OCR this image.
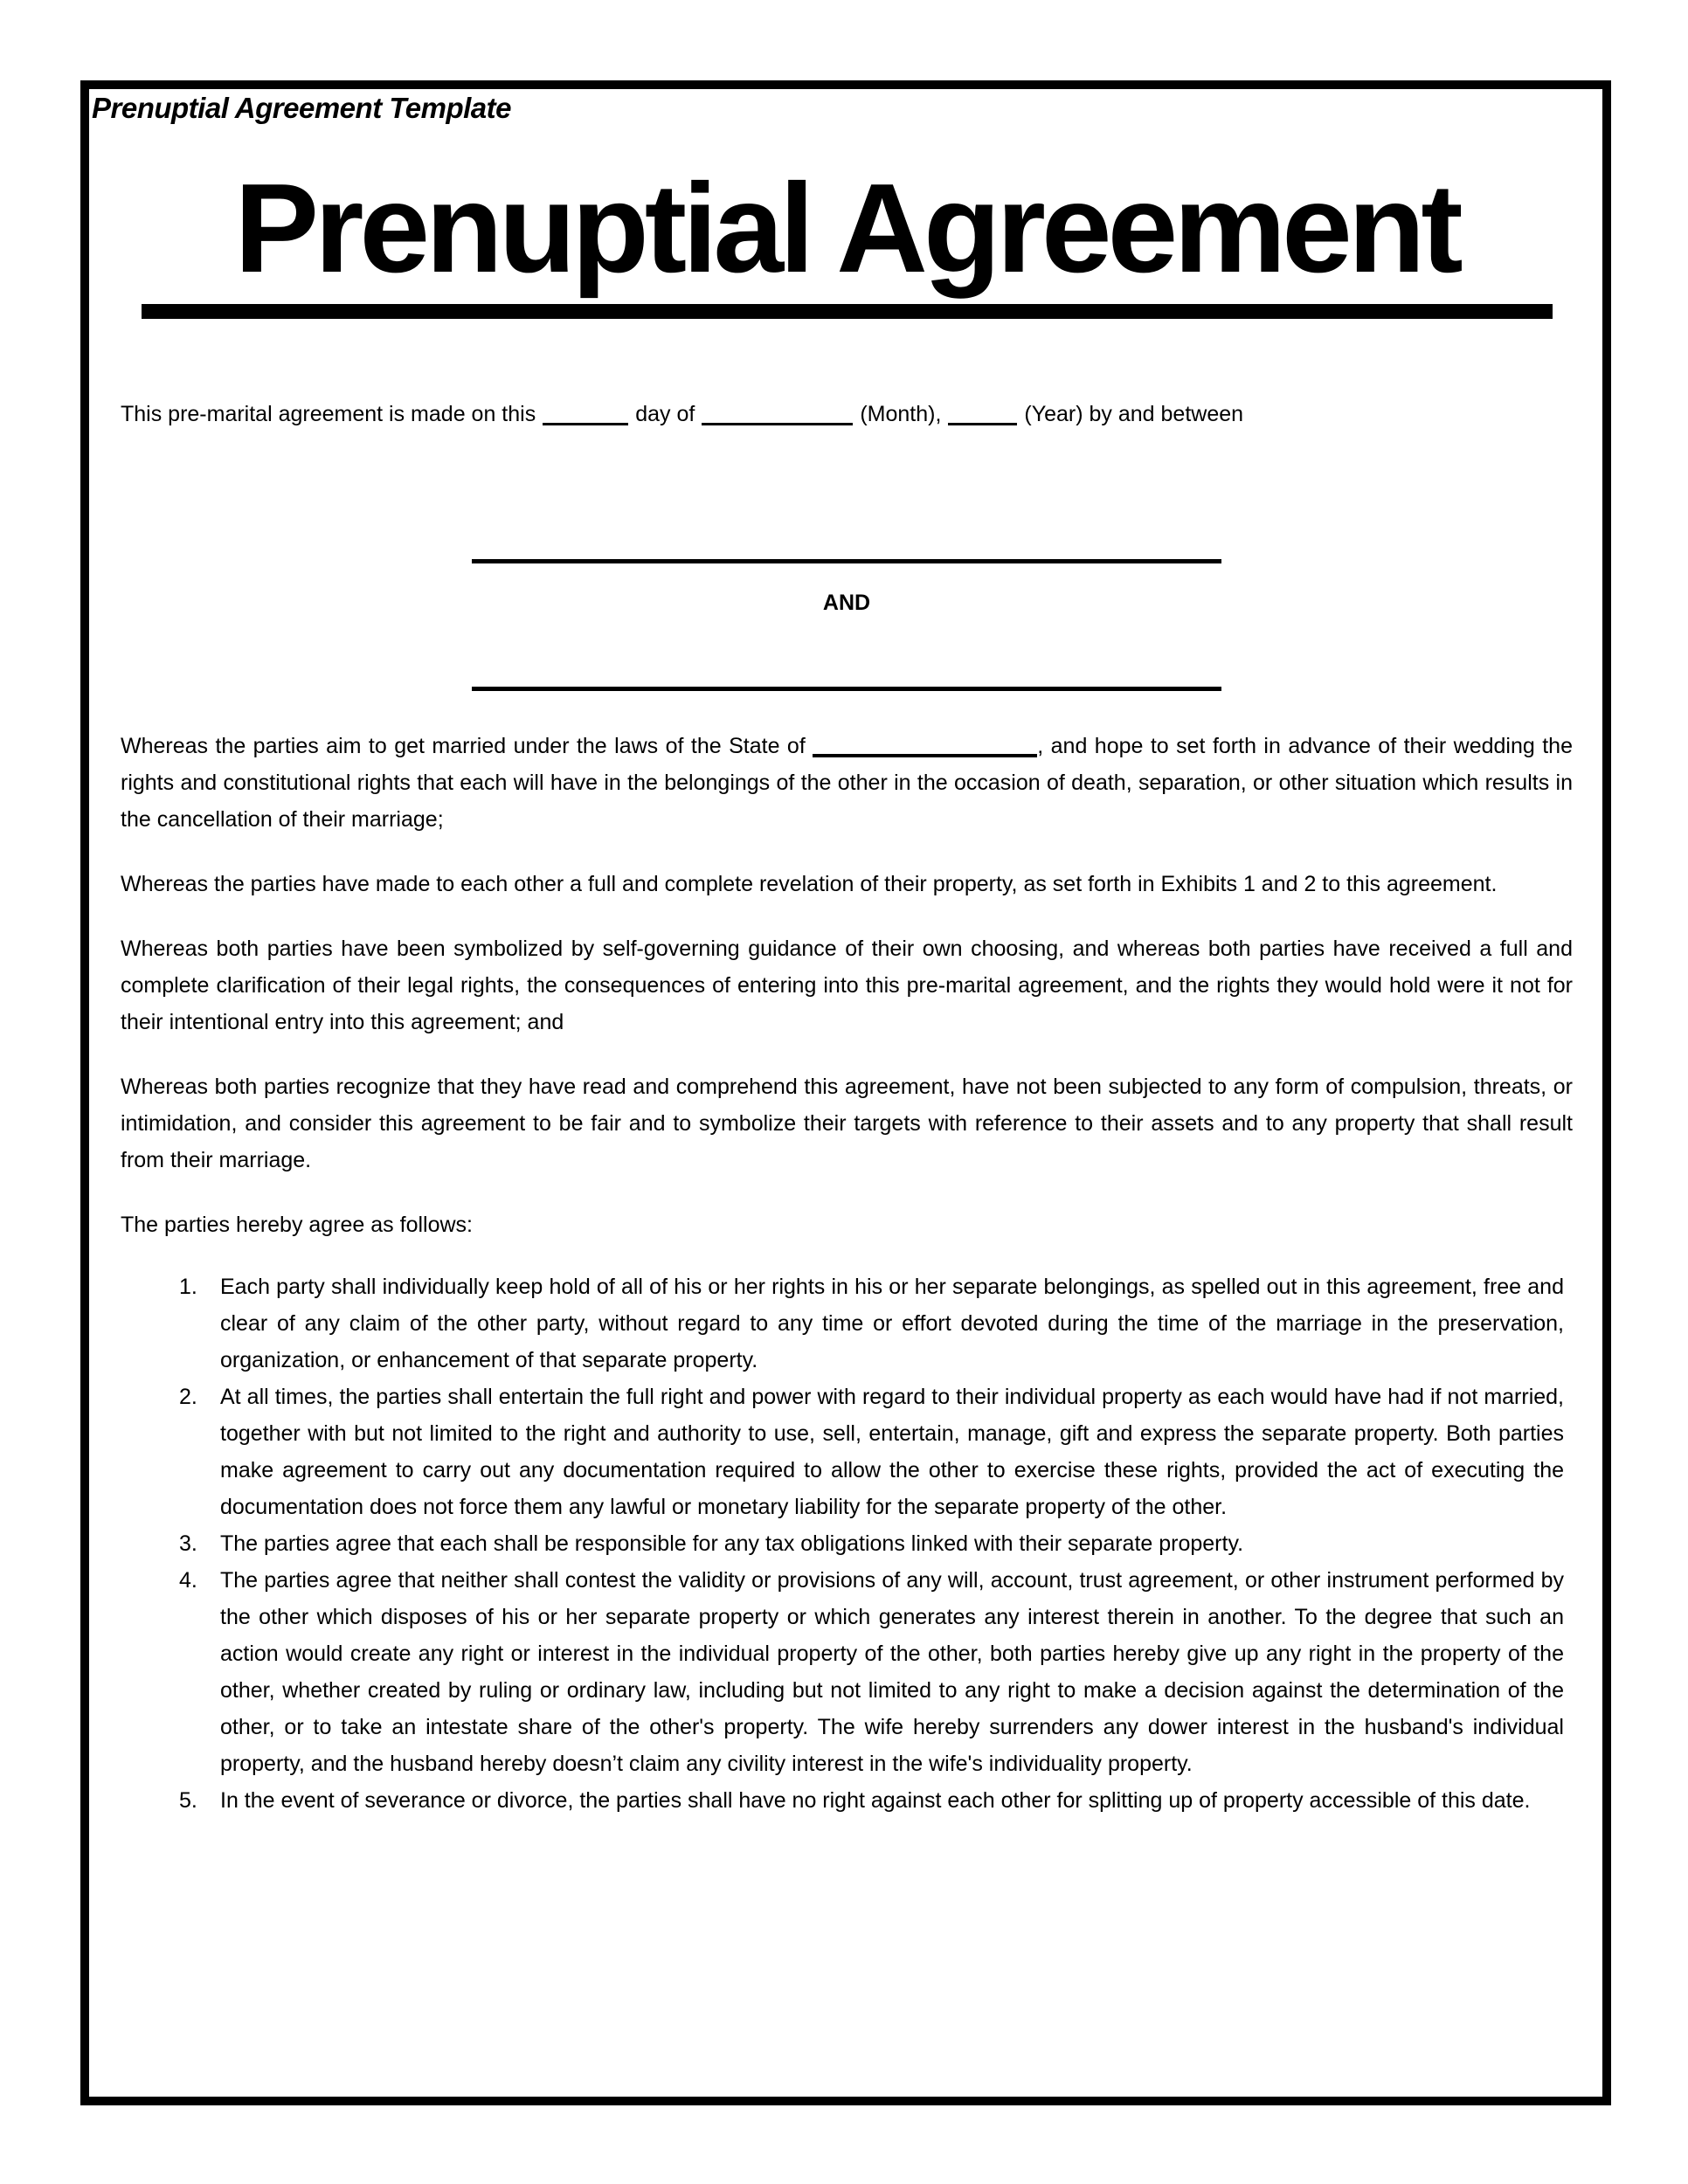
Prenuptial Agreement Template
Prenuptial Agreement
This pre-marital agreement is made on this	day of	(Month),	(Year) by and between
AND

Whereas the parties aim to get married under the laws of the State of	, and hope to set forth in advance of their wedding the rights and constitutional rights that each will have in the belongings of the other in the occasion of death, separation, or other situation which results in the cancellation of their marriage;

Whereas the parties have made to each other a full and complete revelation of their property, as set forth in Exhibits 1 and 2 to this agreement.

Whereas both parties have been symbolized by self-governing guidance of their own choosing, and whereas both parties have received a full and complete clarification of their legal rights, the consequences of entering into this pre-marital agreement, and the rights they would hold were it not for their intentional entry into this agreement; and

Whereas both parties recognize that they have read and comprehend this agreement, have not been subjected to any form of compulsion, threats, or intimidation, and consider this agreement to be fair and to symbolize their targets with reference to their assets and to any property that shall result from their marriage.

The parties hereby agree as follows:
1. Each party shall individually keep hold of all of his or her rights in his or her separate belongings, as spelled out in this agreement, free and clear of any claim of the other party, without regard to any time or effort devoted during the time of the marriage in the preservation, organization, or enhancement of that separate property.
2. At all times, the parties shall entertain the full right and power with regard to their individual property as each would have had if not married, together with but not limited to the right and authority to use, sell, entertain, manage, gift and express the separate property. Both parties make agreement to carry out any documentation required to allow the other to exercise these rights, provided the act of executing the documentation does not force them any lawful or monetary liability for the separate property of the other.
3. The parties agree that each shall be responsible for any tax obligations linked with their separate property.
4. The parties agree that neither shall contest the validity or provisions of any will, account, trust agreement, or other instrument performed by the other which disposes of his or her separate property or which generates any interest therein in another. To the degree that such an action would create any right or interest in the individual property of the other, both parties hereby give up any right in the property of the other, whether created by ruling or ordinary law, including but not limited to any right to make a decision against the determination of the other, or to take an intestate share of the other's property. The wife hereby surrenders any dower interest in the husband's individual property, and the husband hereby doesn’t claim any civility interest in the wife's individuality property.
5. In the event of severance or divorce, the parties shall have no right against each other for splitting up of property accessible of this date.
